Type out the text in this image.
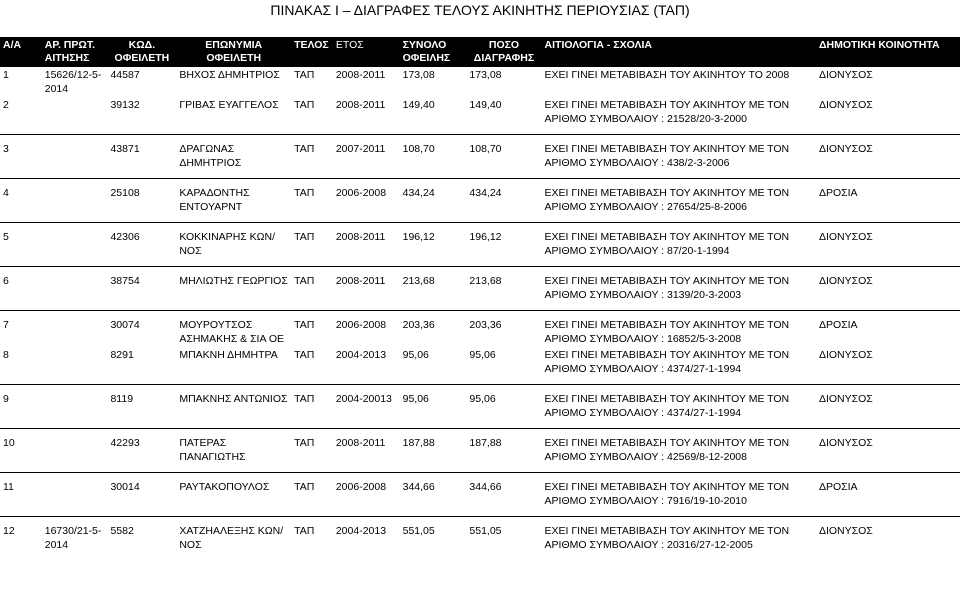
ΠΙΝΑΚΑΣ Ι – ΔΙΑΓΡΑΦΕΣ ΤΕΛΟΥΣ ΑΚΙΝΗΤΗΣ ΠΕΡΙΟΥΣΙΑΣ (ΤΑΠ)
Α/Α	ΑΡ. ΠΡΩΤ. ΑΙΤΗΣΗΣ	ΚΩΔ. ΟΦΕΙΛΕΤΗ	ΕΠΩΝΥΜΙΑ ΟΦΕΙΛΕΤΗ	ΤΕΛΟΣ	ΕΤΟΣ	ΣΥΝΟΛΟ ΟΦΕΙΛΗΣ	ΠΟΣΟ ΔΙΑΓΡΑΦΗΣ	ΑΙΤΙΟΛΟΓΙΑ - ΣΧΟΛΙΑ	ΔΗΜΟΤΙΚΗ ΚΟΙΝΟΤΗΤΑ
1	15626/12-5-2014	44587	ΒΗΧΟΣ ΔΗΜΗΤΡΙΟΣ	ΤΑΠ	2008-2011	173,08	173,08	ΕΧΕΙ ΓΙΝΕΙ ΜΕΤΑΒΙΒΑΣΗ ΤΟΥ ΑΚΙΝΗΤΟΥ ΤΟ 2008	ΔΙΟΝΥΣΟΣ
2		39132	ΓΡΙΒΑΣ ΕΥΑΓΓΕΛΟΣ	ΤΑΠ	2008-2011	149,40	149,40	ΕΧΕΙ ΓΙΝΕΙ ΜΕΤΑΒΙΒΑΣΗ ΤΟΥ ΑΚΙΝΗΤΟΥ ΜΕ ΤΟΝ ΑΡΙΘΜΟ ΣΥΜΒΟΛΑΙΟΥ : 21528/20-3-2000	ΔΙΟΝΥΣΟΣ
3		43871	ΔΡΑΓΩΝΑΣ ΔΗΜΗΤΡΙΟΣ	ΤΑΠ	2007-2011	108,70	108,70	ΕΧΕΙ ΓΙΝΕΙ ΜΕΤΑΒΙΒΑΣΗ ΤΟΥ ΑΚΙΝΗΤΟΥ ΜΕ ΤΟΝ ΑΡΙΘΜΟ ΣΥΜΒΟΛΑΙΟΥ : 438/2-3-2006	ΔΙΟΝΥΣΟΣ
4		25108	ΚΑΡΑΔΟΝΤΗΣ ΕΝΤΟΥΑΡΝΤ	ΤΑΠ	2006-2008	434,24	434,24	ΕΧΕΙ ΓΙΝΕΙ ΜΕΤΑΒΙΒΑΣΗ ΤΟΥ ΑΚΙΝΗΤΟΥ ΜΕ ΤΟΝ ΑΡΙΘΜΟ ΣΥΜΒΟΛΑΙΟΥ : 27654/25-8-2006	ΔΡΟΣΙΑ
5		42306	ΚΟΚΚΙΝΑΡΗΣ ΚΩΝ/ΝΟΣ	ΤΑΠ	2008-2011	196,12	196,12	ΕΧΕΙ ΓΙΝΕΙ ΜΕΤΑΒΙΒΑΣΗ ΤΟΥ ΑΚΙΝΗΤΟΥ ΜΕ ΤΟΝ ΑΡΙΘΜΟ ΣΥΜΒΟΛΑΙΟΥ : 87/20-1-1994	ΔΙΟΝΥΣΟΣ
6		38754	ΜΗΛΙΩΤΗΣ ΓΕΩΡΓΙΟΣ	ΤΑΠ	2008-2011	213,68	213,68	ΕΧΕΙ ΓΙΝΕΙ ΜΕΤΑΒΙΒΑΣΗ ΤΟΥ ΑΚΙΝΗΤΟΥ ΜΕ ΤΟΝ ΑΡΙΘΜΟ ΣΥΜΒΟΛΑΙΟΥ : 3139/20-3-2003	ΔΙΟΝΥΣΟΣ
7		30074	ΜΟΥΡΟΥΤΣΟΣ ΑΣΗΜΑΚΗΣ & ΣΙΑ ΟΕ	ΤΑΠ	2006-2008	203,36	203,36	ΕΧΕΙ ΓΙΝΕΙ ΜΕΤΑΒΙΒΑΣΗ ΤΟΥ ΑΚΙΝΗΤΟΥ ΜΕ ΤΟΝ ΑΡΙΘΜΟ ΣΥΜΒΟΛΑΙΟΥ : 16852/5-3-2008	ΔΡΟΣΙΑ
8		8291	ΜΠΑΚΝΗ ΔΗΜΗΤΡΑ	ΤΑΠ	2004-2013	95,06	95,06	ΕΧΕΙ ΓΙΝΕΙ ΜΕΤΑΒΙΒΑΣΗ ΤΟΥ ΑΚΙΝΗΤΟΥ ΜΕ ΤΟΝ ΑΡΙΘΜΟ ΣΥΜΒΟΛΑΙΟΥ : 4374/27-1-1994	ΔΙΟΝΥΣΟΣ
9		8119	ΜΠΑΚΝΗΣ ΑΝΤΩΝΙΟΣ	ΤΑΠ	2004-20013	95,06	95,06	ΕΧΕΙ ΓΙΝΕΙ ΜΕΤΑΒΙΒΑΣΗ ΤΟΥ ΑΚΙΝΗΤΟΥ ΜΕ ΤΟΝ ΑΡΙΘΜΟ ΣΥΜΒΟΛΑΙΟΥ : 4374/27-1-1994	ΔΙΟΝΥΣΟΣ
10		42293	ΠΑΤΕΡΑΣ ΠΑΝΑΓΙΩΤΗΣ	ΤΑΠ	2008-2011	187,88	187,88	ΕΧΕΙ ΓΙΝΕΙ ΜΕΤΑΒΙΒΑΣΗ ΤΟΥ ΑΚΙΝΗΤΟΥ ΜΕ ΤΟΝ ΑΡΙΘΜΟ ΣΥΜΒΟΛΑΙΟΥ : 42569/8-12-2008	ΔΙΟΝΥΣΟΣ
11		30014	ΡΑΥΤΑΚΟΠΟΥΛΟΣ	ΤΑΠ	2006-2008	344,66	344,66	ΕΧΕΙ ΓΙΝΕΙ ΜΕΤΑΒΙΒΑΣΗ ΤΟΥ ΑΚΙΝΗΤΟΥ ΜΕ ΤΟΝ ΑΡΙΘΜΟ ΣΥΜΒΟΛΑΙΟΥ : 7916/19-10-2010	ΔΡΟΣΙΑ
12	16730/21-5-2014	5582	ΧΑΤΖΗΑΛΕΞΗΣ ΚΩΝ/ΝΟΣ	ΤΑΠ	2004-2013	551,05	551,05	ΕΧΕΙ ΓΙΝΕΙ ΜΕΤΑΒΙΒΑΣΗ ΤΟΥ ΑΚΙΝΗΤΟΥ ΜΕ ΤΟΝ ΑΡΙΘΜΟ ΣΥΜΒΟΛΑΙΟΥ : 20316/27-12-2005	ΔΙΟΝΥΣΟΣ
